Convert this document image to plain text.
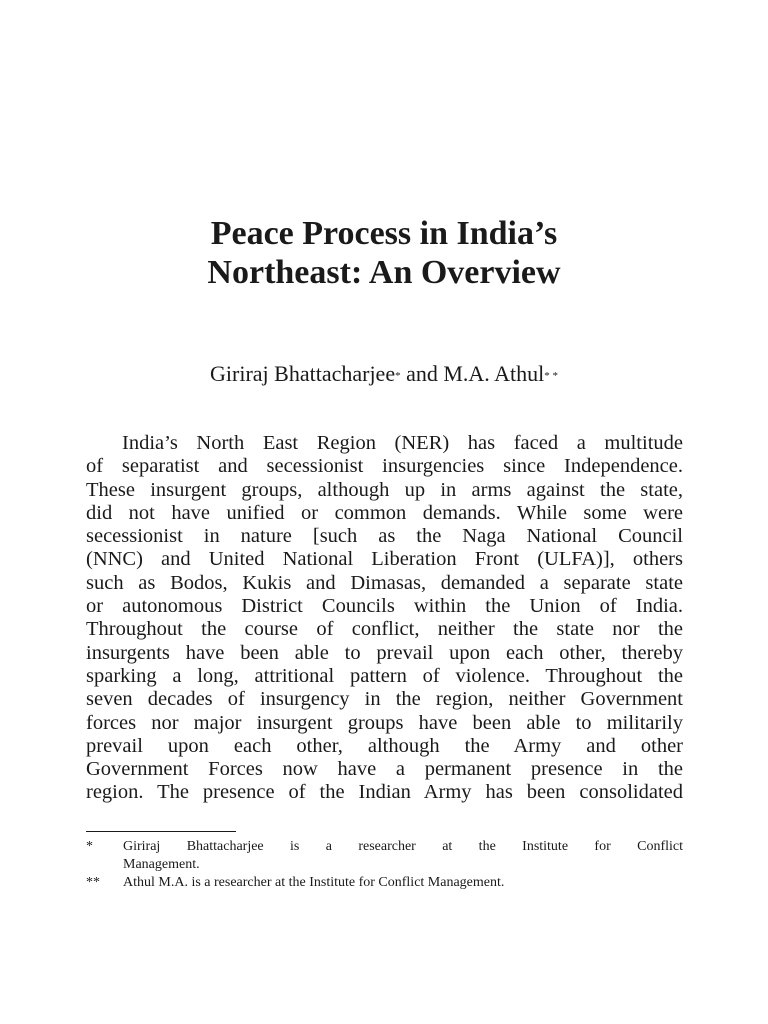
Peace Process in India’s
Northeast: An Overview
Giriraj Bhattacharjee* and M.A. Athul* *
India’s North East Region (NER) has faced a multitude
of separatist and secessionist insurgencies since Independence.
These insurgent groups, although up in arms against the state,
did not have unified or common demands. While some were
secessionist in nature [such as the Naga National Council
(NNC) and United National Liberation Front (ULFA)], others
such as Bodos, Kukis and Dimasas, demanded a separate state
or autonomous District Councils within the Union of India.
Throughout the course of conflict, neither the state nor the
insurgents have been able to prevail upon each other, thereby
sparking a long, attritional pattern of violence. Throughout the
seven decades of insurgency in the region, neither Government
forces nor major insurgent groups have been able to militarily
prevail upon each other, although the Army and other
Government Forces now have a permanent presence in the
region. The presence of the Indian Army has been consolidated
*	Giriraj Bhattacharjee is a researcher at the Institute for Conflict
Management.
**	Athul M.A. is a researcher at the Institute for Conflict Management.
